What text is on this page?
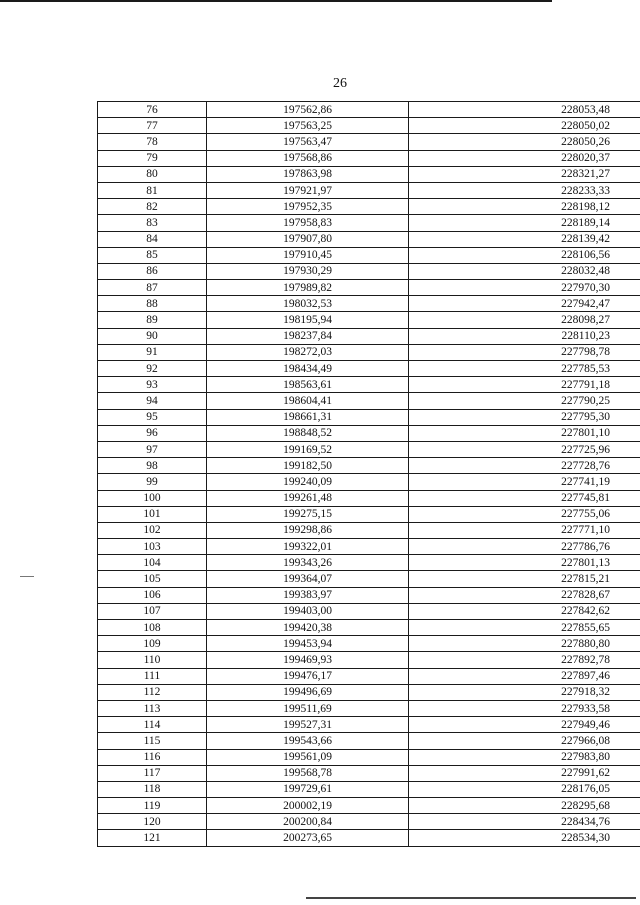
26
76	197562,86	228053,48
77	197563,25	228050,02
78	197563,47	228050,26
79	197568,86	228020,37
80	197863,98	228321,27
81	197921,97	228233,33
82	197952,35	228198,12
83	197958,83	228189,14
84	197907,80	228139,42
85	197910,45	228106,56
86	197930,29	228032,48
87	197989,82	227970,30
88	198032,53	227942,47
89	198195,94	228098,27
90	198237,84	228110,23
91	198272,03	227798,78
92	198434,49	227785,53
93	198563,61	227791,18
94	198604,41	227790,25
95	198661,31	227795,30
96	198848,52	227801,10
97	199169,52	227725,96
98	199182,50	227728,76
99	199240,09	227741,19
100	199261,48	227745,81
101	199275,15	227755,06
102	199298,86	227771,10
103	199322,01	227786,76
104	199343,26	227801,13
105	199364,07	227815,21
106	199383,97	227828,67
107	199403,00	227842,62
108	199420,38	227855,65
109	199453,94	227880,80
110	199469,93	227892,78
111	199476,17	227897,46
112	199496,69	227918,32
113	199511,69	227933,58
114	199527,31	227949,46
115	199543,66	227966,08
116	199561,09	227983,80
117	199568,78	227991,62
118	199729,61	228176,05
119	200002,19	228295,68
120	200200,84	228434,76
121	200273,65	228534,30
